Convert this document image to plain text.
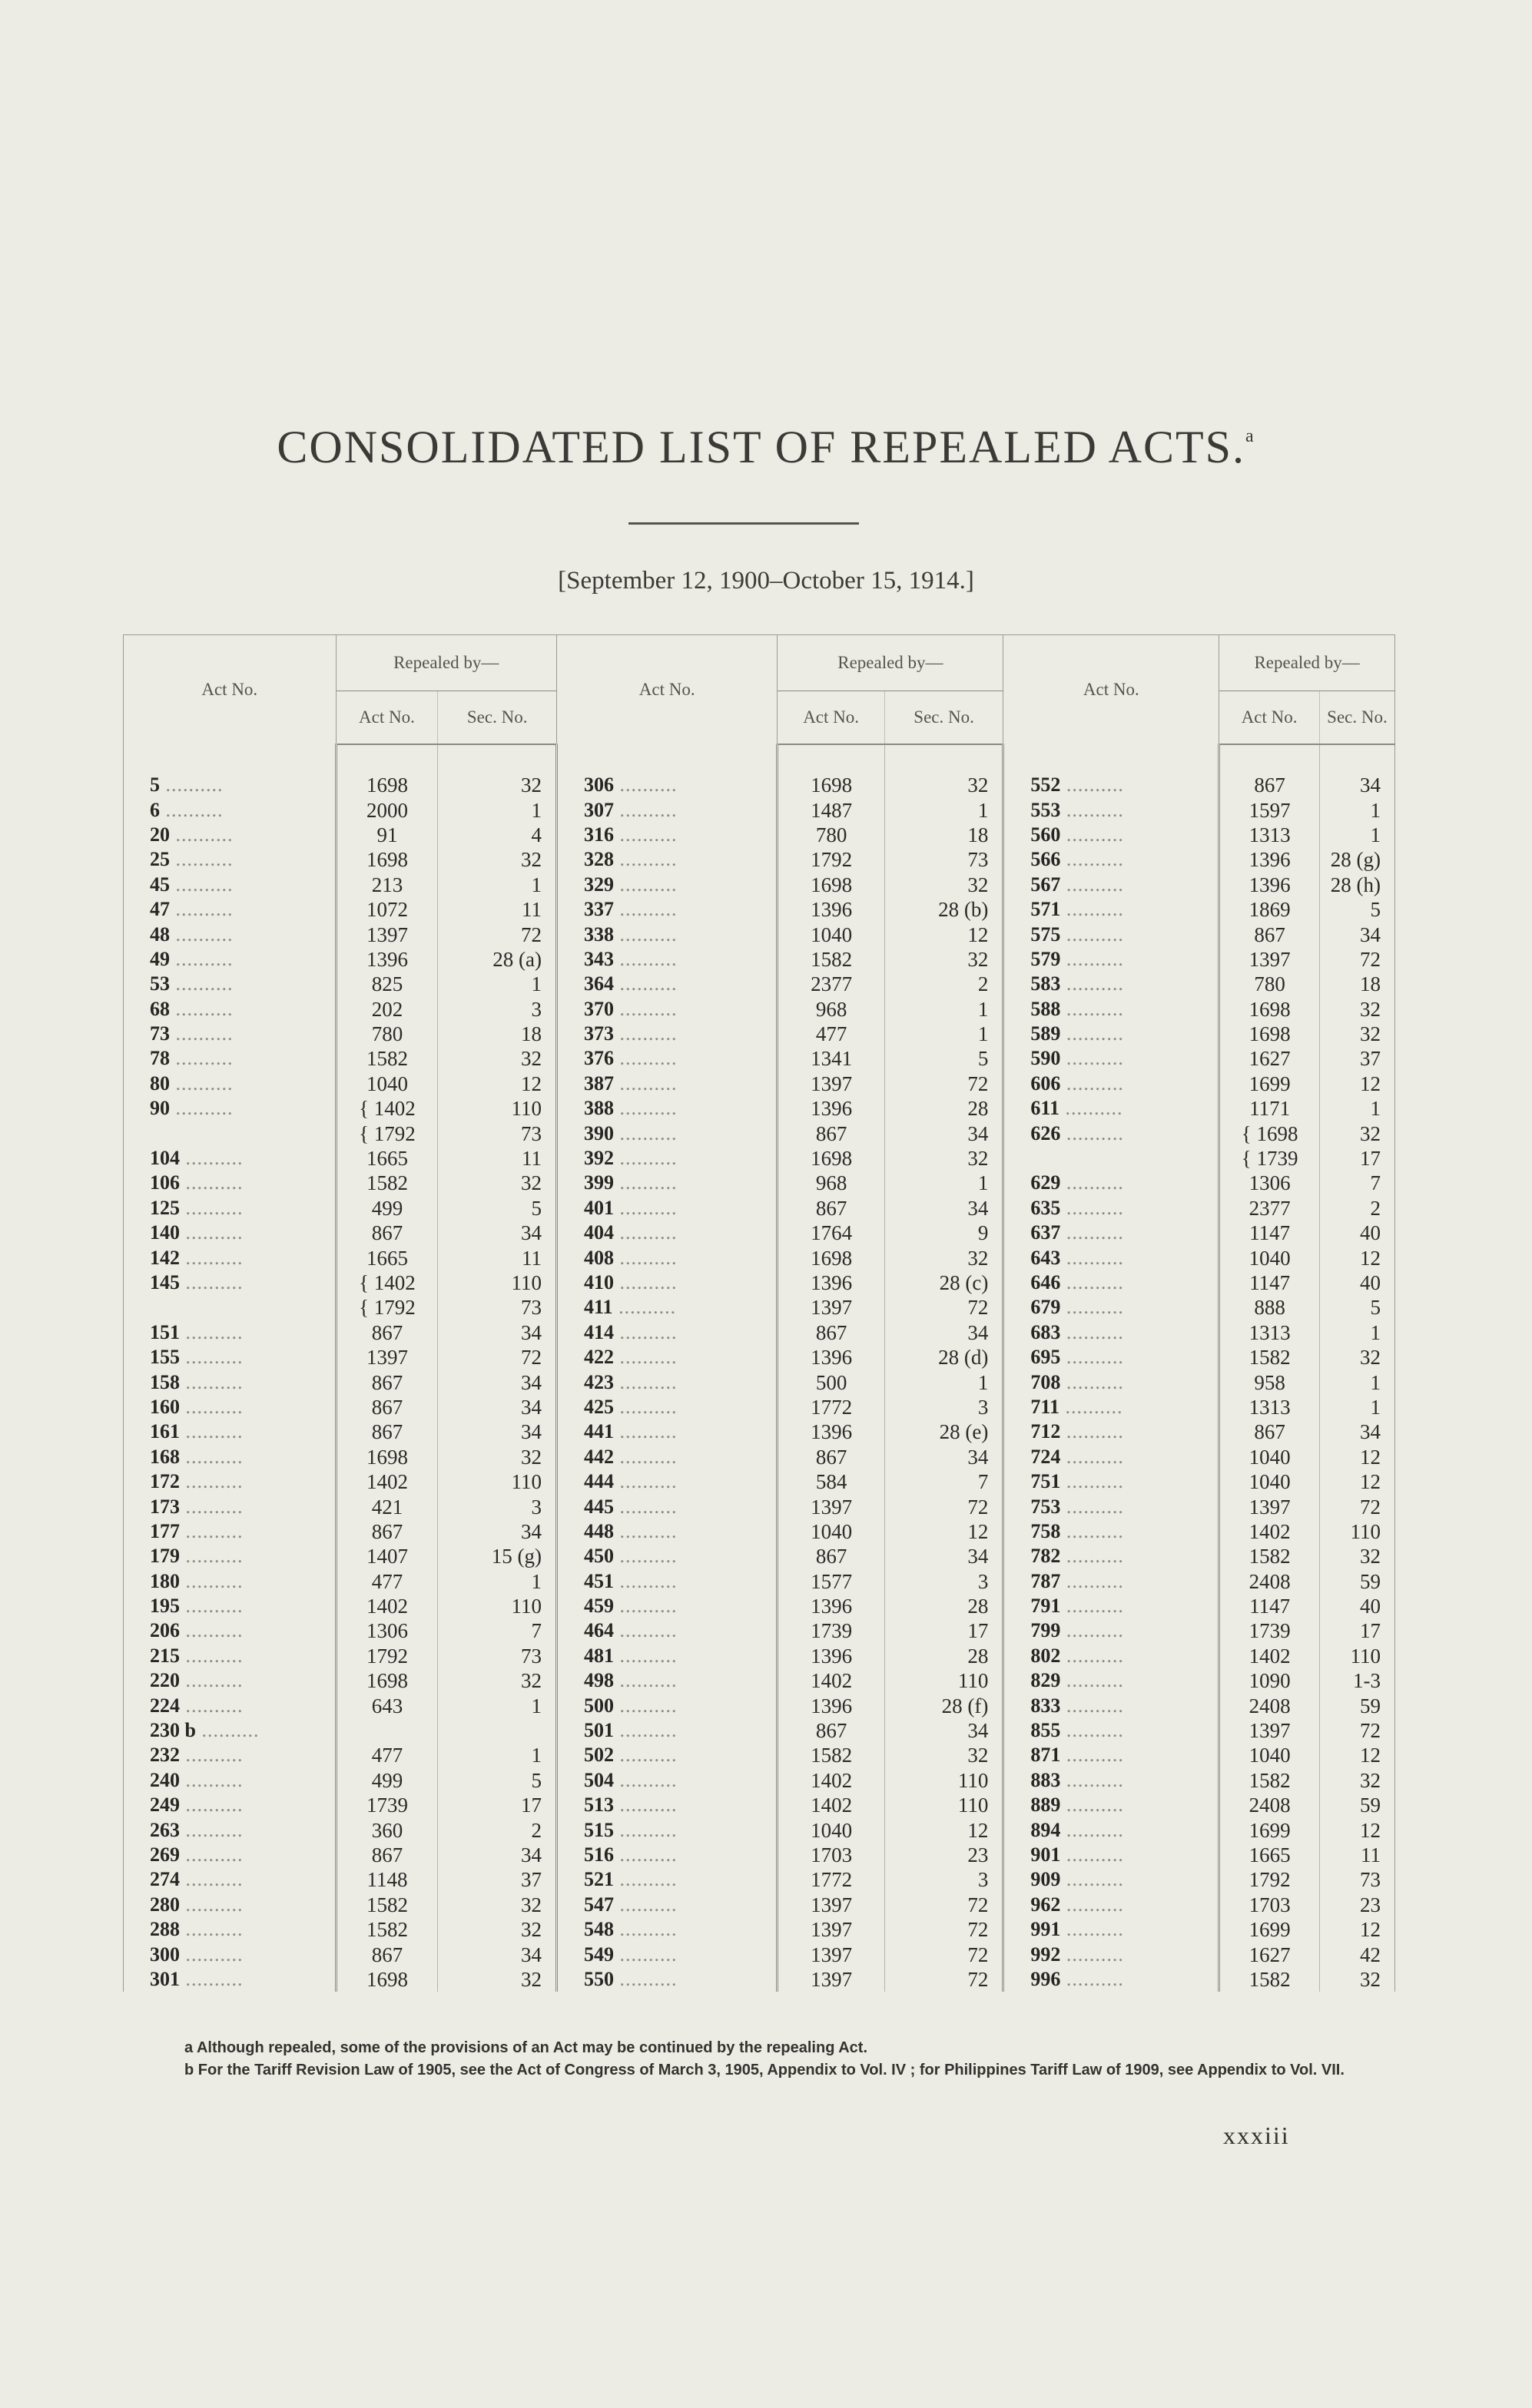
CONSOLIDATED LIST OF REPEALED ACTS.$^a$
[September 12, 1900–October 15, 1914.]
Act No.	Repealed by—		Act No.	Repealed by—		Act No.	Repealed by—	
	Act No.	Sec. No.		Act No.	Sec. No.		Act No.	Sec. No.

5 ..........	1698	32	306 ..........	1698	32	552 ..........	867	34
6 ..........	2000	1	307 ..........	1487	1	553 ..........	1597	1
20 ..........	91	4	316 ..........	780	18	560 ..........	1313	1
25 ..........	1698	32	328 ..........	1792	73	566 ..........	1396	28 (g)
45 ..........	213	1	329 ..........	1698	32	567 ..........	1396	28 (h)
47 ..........	1072	11	337 ..........	1396	28 (b)	571 ..........	1869	5
48 ..........	1397	72	338 ..........	1040	12	575 ..........	867	34
49 ..........	1396	28 (a)	343 ..........	1582	32	579 ..........	1397	72
53 ..........	825	1	364 ..........	2377	2	583 ..........	780	18
68 ..........	202	3	370 ..........	968	1	588 ..........	1698	32
73 ..........	780	18	373 ..........	477	1	589 ..........	1698	32
78 ..........	1582	32	376 ..........	1341	5	590 ..........	1627	37
80 ..........	1040	12	387 ..........	1397	72	606 ..........	1699	12
90 ..........	{ 1402	110	388 ..........	1396	28	611 ..........	1171	1
	{ 1792	73	390 ..........	867	34	626 ..........	{ 1698	32
104 ..........	1665	11	392 ..........	1698	32		{ 1739	17
106 ..........	1582	32	399 ..........	968	1	629 ..........	1306	7
125 ..........	499	5	401 ..........	867	34	635 ..........	2377	2
140 ..........	867	34	404 ..........	1764	9	637 ..........	1147	40
142 ..........	1665	11	408 ..........	1698	32	643 ..........	1040	12
145 ..........	{ 1402	110	410 ..........	1396	28 (c)	646 ..........	1147	40
	{ 1792	73	411 ..........	1397	72	679 ..........	888	5
151 ..........	867	34	414 ..........	867	34	683 ..........	1313	1
155 ..........	1397	72	422 ..........	1396	28 (d)	695 ..........	1582	32
158 ..........	867	34	423 ..........	500	1	708 ..........	958	1
160 ..........	867	34	425 ..........	1772	3	711 ..........	1313	1
161 ..........	867	34	441 ..........	1396	28 (e)	712 ..........	867	34
168 ..........	1698	32	442 ..........	867	34	724 ..........	1040	12
172 ..........	1402	110	444 ..........	584	7	751 ..........	1040	12
173 ..........	421	3	445 ..........	1397	72	753 ..........	1397	72
177 ..........	867	34	448 ..........	1040	12	758 ..........	1402	110
179 ..........	1407	15 (g)	450 ..........	867	34	782 ..........	1582	32
180 ..........	477	1	451 ..........	1577	3	787 ..........	2408	59
195 ..........	1402	110	459 ..........	1396	28	791 ..........	1147	40
206 ..........	1306	7	464 ..........	1739	17	799 ..........	1739	17
215 ..........	1792	73	481 ..........	1396	28	802 ..........	1402	110
220 ..........	1698	32	498 ..........	1402	110	829 ..........	1090	1-3
224 ..........	643	1	500 ..........	1396	28 (f)	833 ..........	2408	59
230 b ..........			501 ..........	867	34	855 ..........	1397	72
232 ..........	477	1	502 ..........	1582	32	871 ..........	1040	12
240 ..........	499	5	504 ..........	1402	110	883 ..........	1582	32
249 ..........	1739	17	513 ..........	1402	110	889 ..........	2408	59
263 ..........	360	2	515 ..........	1040	12	894 ..........	1699	12
269 ..........	867	34	516 ..........	1703	23	901 ..........	1665	11
274 ..........	1148	37	521 ..........	1772	3	909 ..........	1792	73
280 ..........	1582	32	547 ..........	1397	72	962 ..........	1703	23
288 ..........	1582	32	548 ..........	1397	72	991 ..........	1699	12
300 ..........	867	34	549 ..........	1397	72	992 ..........	1627	42
301 ..........	1698	32	550 ..........	1397	72	996 ..........	1582	32

a Although repealed, some of the provisions of an Act may be continued by the repealing Act.

b For the Tariff Revision Law of 1905, see the Act of Congress of March 3, 1905, Appendix to Vol. IV ; for Philippines Tariff Law of 1909, see Appendix to Vol. VII.

xxxiii
